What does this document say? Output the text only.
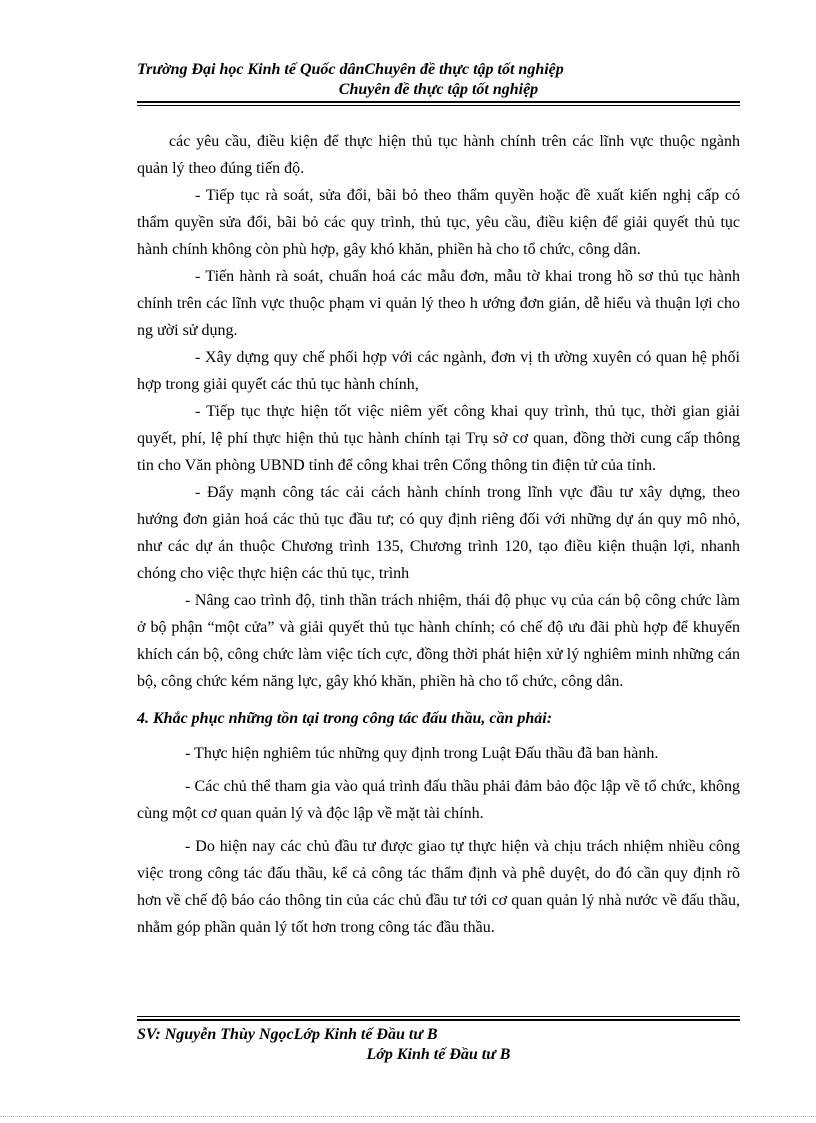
Trường Đại học Kinh tế Quốc dânChuyên đề thực tập tốt nghiệp
Chuyên đề thực tập tốt nghiệp

các yêu cầu, điều kiện để thực hiện thủ tục hành chính trên các lĩnh vực thuộc ngành quản lý theo đúng tiến độ.

- Tiếp tục rà soát, sửa đổi, bãi bỏ theo thẩm quyền hoặc đề xuất kiến nghị cấp có thẩm quyền sửa đổi, bãi bỏ các quy trình, thủ tục, yêu cầu, điều kiện để giải quyết thủ tục hành chính không còn phù hợp, gây khó khăn, phiền hà cho tổ chức, công dân.

- Tiến hành rà soát, chuẩn hoá các mẫu đơn, mẫu tờ khai trong hồ sơ thủ tục hành chính trên các lĩnh vực thuộc phạm vi quản lý theo h ướng đơn giản, dễ hiểu và thuận lợi cho ng ười sử dụng.

- Xây dựng quy chế phối hợp với các ngành, đơn vị th ường xuyên có quan hệ phối hợp trong giải quyết các thủ tục hành chính,

- Tiếp tục thực hiện tốt việc niêm yết công khai quy trình, thủ tục, thời gian giải quyết, phí, lệ phí thực hiện thủ tục hành chính tại Trụ sở cơ quan, đồng thời cung cấp thông tin cho Văn phòng UBND tỉnh để công khai trên Cổng thông tin điện tử của tỉnh.

- Đẩy mạnh công tác cải cách hành chính trong lĩnh vực đầu tư xây dựng, theo hướng đơn giản hoá các thủ tục đầu tư; có quy định riêng đối với những dự án quy mô nhỏ, như các dự án thuộc Chương trình 135, Chương trình 120, tạo điều kiện thuận lợi, nhanh chóng cho việc thực hiện các thủ tục, trình

- Nâng cao trình độ, tinh thần trách nhiệm, thái độ phục vụ của cán bộ công chức làm ở bộ phận “một cửa” và giải quyết thủ tục hành chính; có chế độ ưu đãi phù hợp để khuyến khích cán bộ, công chức làm việc tích cực, đồng thời phát hiện xử lý nghiêm minh những cán bộ, công chức kém năng lực, gây khó khăn, phiền hà cho tổ chức, công dân.

4. Khắc phục những tồn tại trong công tác đấu thầu, cần phải:

- Thực hiện nghiêm túc những quy định trong Luật Đấu thầu đã ban hành.

- Các chủ thể tham gia vào quá trình đấu thầu phải đảm bảo độc lập về tổ chức, không cùng một cơ quan quản lý và độc lập về mặt tài chính.

- Do hiện nay các chủ đầu tư được giao tự thực hiện và chịu trách nhiệm nhiều công việc trong công tác đấu thầu, kể cả công tác thẩm định và phê duyệt, do đó cần quy định rõ hơn về chế độ báo cáo thông tin của các chủ đầu tư tới cơ quan quản lý nhà nước về đấu thầu, nhằm góp phần quản lý tốt hơn trong công tác đầu thầu.

SV: Nguyễn Thùy NgọcLớp Kinh tế Đầu tư B
Lớp Kinh tế Đầu tư B
